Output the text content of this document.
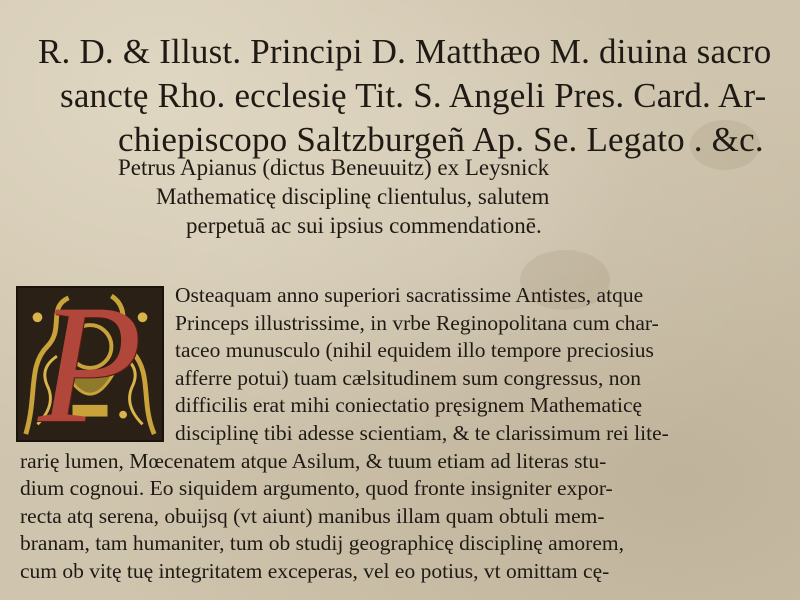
R. D. & Illust. Principi D. Matthæo M. diuina sacro
sanctę Rho. ecclesię Tit. S. Angeli Pres. Card. Ar-
chiepiscopo Saltzburgeñ Ap. Se. Legato . &c.
Petrus Apianus (dictus Beneuuitz) ex Leysnick
Mathematicę disciplinę clientulus, salutem
perpetuā ac sui ipsius commendationē.
P	Osteaquam anno superiori sacratissime Antistes, atque
Princeps illustrissime, in vrbe Reginopolitana cum char-
taceo munusculo (nihil equidem illo tempore preciosius
afferre potui) tuam cælsitudinem sum congressus, non
difficilis erat mihi coniectatio pręsignem Mathematicę
disciplinę tibi adesse scientiam, & te clarissimum rei lite-
rarię lumen, Mœcenatem atque Asilum, & tuum etiam ad literas stu-
dium cognoui. Eo siquidem argumento, quod fronte insigniter expor-
recta atq serena, obuijsq (vt aiunt) manibus illam quam obtuli mem-
branam, tam humaniter, tum ob studij geographicę disciplinę amorem,
cum ob vitę tuę integritatem exceperas, vel eo potius, vt omittam cę-
